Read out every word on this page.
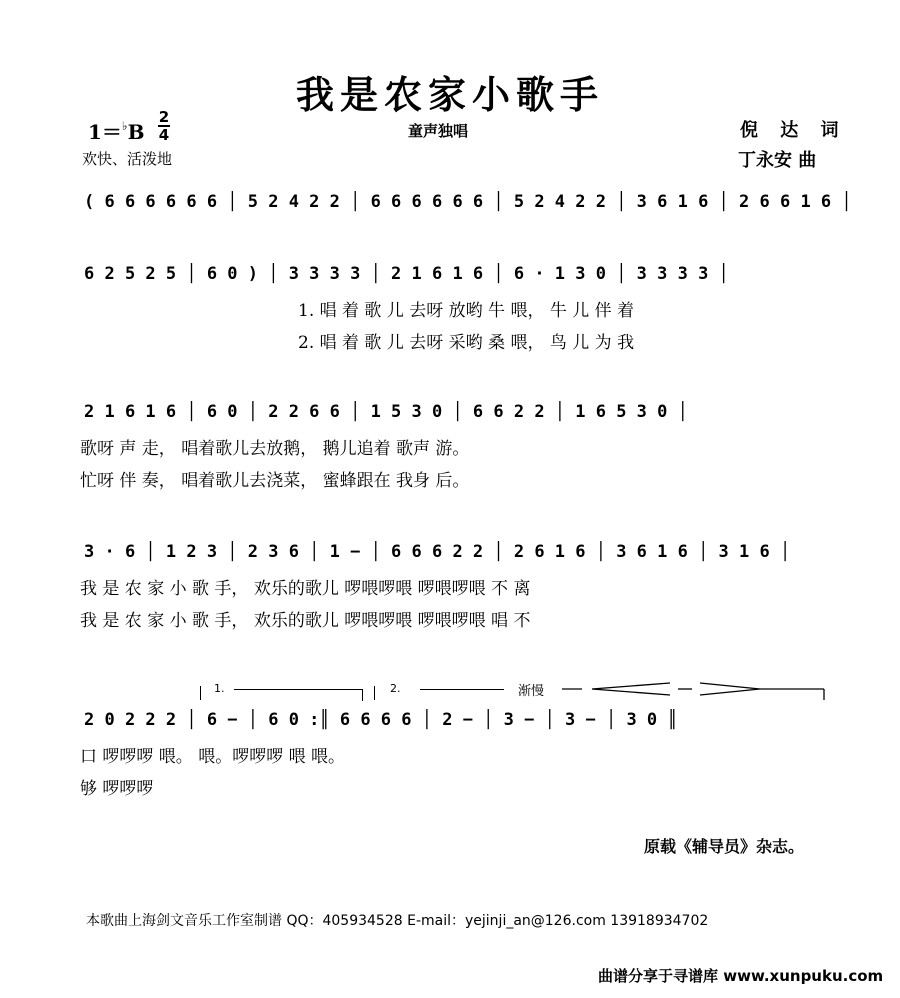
我是农家小歌手
1＝♭B
2
4	童声独唱	倪 达 词
丁永安 曲
欢快、活泼地
( 6 6 6 6 6 6 │ 5 2 4 2 2 │ 6 6 6 6 6 6 │ 5 2 4 2 2 │ 3 6 1 6 │ 2 6 6 1 6 │
6 2 5 2 5 │ 6 0 ) │ 3 3 3 3 │ 2 1 6 1 6 │ 6 · 1 3 0 │ 3 3 3 3 │
1. 唱 着 歌 儿 去呀 放哟 牛 喂， 牛 儿 伴 着
2. 唱 着 歌 儿 去呀 采哟 桑 喂， 鸟 儿 为 我
2 1 6 1 6 │ 6 0 │ 2 2 6 6 │ 1 5 3 0 │ 6 6 2 2 │ 1 6 5 3 0 │
歌呀 声 走， 唱着歌儿去放鹅， 鹅儿追着 歌声 游。
忙呀 伴 奏， 唱着歌儿去浇菜， 蜜蜂跟在 我身 后。
3 · 6 │ 1 2 3 │ 2 3 6 │ 1 − │ 6 6 6 2 2 │ 2 6 1 6 │ 3 6 1 6 │ 3 1 6 │
我 是 农 家 小 歌 手， 欢乐的歌儿 啰喂啰喂 啰喂啰喂 不 离
我 是 农 家 小 歌 手， 欢乐的歌儿 啰喂啰喂 啰喂啰喂 唱 不
1.	2.	渐慢
2 0 2 2 2 │ 6 − │ 6 0 :║ 6 6 6 6 │ 2 − │ 3 − │ 3 − │ 3 0 ║
口 啰啰啰 喂。 喂。啰啰啰 喂 喂。
够 啰啰啰
原载《辅导员》杂志。
本歌曲上海剑文音乐工作室制谱 QQ：405934528 E-mail：yejinji_an@126.com 13918934702
曲谱分享于寻谱库 www.xunpuku.com
